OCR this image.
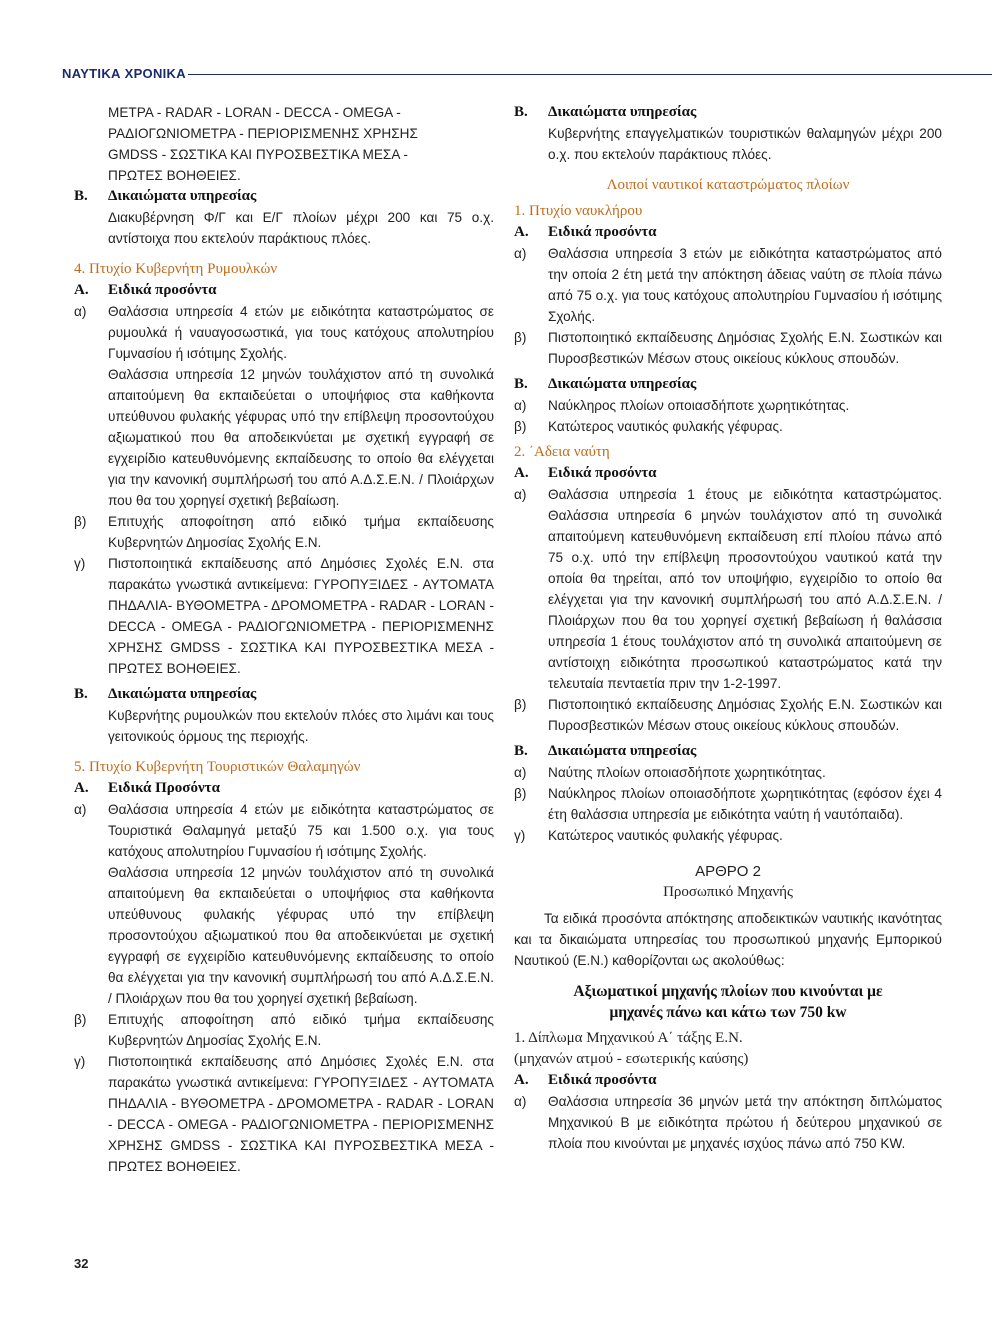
ΝΑΥΤΙΚΑ ΧΡΟΝΙΚΑ
ΜΕΤΡΑ - RADAR - LORAN - DECCA - OMEGA -
ΡΑΔΙΟΓΩΝΙΟΜΕΤΡΑ - ΠΕΡΙΟΡΙΣΜΕΝΗΣ ΧΡΗΣΗΣ
GMDSS - ΣΩΣΤΙΚΑ ΚΑΙ ΠΥΡΟΣΒΕΣΤΙΚΑ ΜΕΣΑ -
ΠΡΩΤΕΣ ΒΟΗΘΕΙΕΣ.
Β. Δικαιώματα υπηρεσίας
Διακυβέρνηση Φ/Γ και Ε/Γ πλοίων μέχρι 200 και 75 ο.χ. αντίστοιχα που εκτελούν παράκτιους πλόες.
4. Πτυχίο Κυβερνήτη Ρυμουλκών
Α. Ειδικά προσόντα
α)	Θαλάσσια υπηρεσία 4 ετών με ειδικότητα καταστρώματος σε ρυμουλκά ή ναυαγοσωστικά, για τους κατόχους απολυτηρίου Γυμνασίου ή ισότιμης Σχολής.
Θαλάσσια υπηρεσία 12 μηνών τουλάχιστον από τη συνολικά απαιτούμενη θα εκπαιδεύεται ο υποψήφιος στα καθήκοντα υπεύθυνου φυλακής γέφυρας υπό την επίβλεψη προσοντούχου αξιωματικού που θα αποδεικνύεται με σχετική εγγραφή σε εγχειρίδιο κατευθυνόμενης εκπαίδευσης το οποίο θα ελέγχεται για την κανονική συμπλήρωσή του από Α.Δ.Σ.Ε.Ν. / Πλοιάρχων που θα του χορηγεί σχετική βεβαίωση.
β)	Επιτυχής αποφοίτηση από ειδικό τμήμα εκπαίδευσης Κυβερνητών Δημοσίας Σχολής Ε.Ν.
γ)	Πιστοποιητικά εκπαίδευσης από Δημόσιες Σχολές Ε.Ν. στα παρακάτω γνωστικά αντικείμενα: ΓΥΡΟΠΥΞΙΔΕΣ - ΑΥΤΟΜΑΤΑ ΠΗΔΑΛΙΑ- ΒΥΘΟΜΕΤΡΑ - ΔΡΟΜΟΜΕΤΡΑ - RADAR - LORAN - DECCA - OMEGA - ΡΑΔΙΟΓΩΝΙΟΜΕΤΡΑ - ΠΕΡΙΟΡΙΣΜΕΝΗΣ ΧΡΗΣΗΣ GMDSS - ΣΩΣΤΙΚΑ ΚΑΙ ΠΥΡΟΣΒΕΣΤΙΚΑ ΜΕΣΑ - ΠΡΩΤΕΣ ΒΟΗΘΕΙΕΣ.
Β. Δικαιώματα υπηρεσίας
Κυβερνήτης ρυμουλκών που εκτελούν πλόες στο λιμάνι και τους γειτονικούς όρμους της περιοχής.
5. Πτυχίο Κυβερνήτη Τουριστικών Θαλαμηγών
Α. Ειδικά Προσόντα
α)	Θαλάσσια υπηρεσία 4 ετών με ειδικότητα καταστρώματος σε Τουριστικά Θαλαμηγά μεταξύ 75 και 1.500 ο.χ. για τους κατόχους απολυτηρίου Γυμνασίου ή ισότιμης Σχολής.
Θαλάσσια υπηρεσία 12 μηνών τουλάχιστον από τη συνολικά απαιτούμενη θα εκπαιδεύεται ο υποψήφιος στα καθήκοντα υπεύθυνους φυλακής γέφυρας υπό την επίβλεψη προσοντούχου αξιωματικού που θα αποδεικνύεται με σχετική εγγραφή σε εγχειρίδιο κατευθυνόμενης εκπαίδευσης το οποίο θα ελέγχεται για την κανονική συμπλήρωσή του από Α.Δ.Σ.Ε.Ν. / Πλοιάρχων που θα του χορηγεί σχετική βεβαίωση.
β)	Επιτυχής αποφοίτηση από ειδικό τμήμα εκπαίδευσης Κυβερνητών Δημοσίας Σχολής Ε.Ν.
γ)	Πιστοποιητικά εκπαίδευσης από Δημόσιες Σχολές Ε.Ν. στα παρακάτω γνωστικά αντικείμενα: ΓΥΡΟΠΥΞΙΔΕΣ - ΑΥΤΟΜΑΤΑ ΠΗΔΑΛΙΑ - ΒΥΘΟΜΕΤΡΑ - ΔΡΟΜΟΜΕΤΡΑ - RADAR - LORAN - DECCA - OMEGA - ΡΑΔΙΟΓΩΝΙΟΜΕΤΡΑ - ΠΕΡΙΟΡΙΣΜΕΝΗΣ ΧΡΗΣΗΣ GMDSS - ΣΩΣΤΙΚΑ ΚΑΙ ΠΥΡΟΣΒΕΣΤΙΚΑ ΜΕΣΑ - ΠΡΩΤΕΣ ΒΟΗΘΕΙΕΣ.
Β. Δικαιώματα υπηρεσίας
Κυβερνήτης επαγγελματικών τουριστικών θαλαμηγών μέχρι 200 ο.χ. που εκτελούν παράκτιους πλόες.
Λοιποί ναυτικοί καταστρώματος πλοίων
1. Πτυχίο ναυκλήρου
Α. Ειδικά προσόντα
α)	Θαλάσσια υπηρεσία 3 ετών με ειδικότητα καταστρώματος από την οποία 2 έτη μετά την απόκτηση άδειας ναύτη σε πλοία πάνω από 75 ο.χ. για τους κατόχους απολυτηρίου Γυμνασίου ή ισότιμης Σχολής.
β)	Πιστοποιητικό εκπαίδευσης Δημόσιας Σχολής Ε.Ν. Σωστικών και Πυροσβεστικών Μέσων στους οικείους κύκλους σπουδών.
Β. Δικαιώματα υπηρεσίας
α)	Ναύκληρος πλοίων οποιασδήποτε χωρητικότητας.
β)	Κατώτερος ναυτικός φυλακής γέφυρας.
2. ΄Αδεια ναύτη
Α. Ειδικά προσόντα
α)	Θαλάσσια υπηρεσία 1 έτους με ειδικότητα καταστρώματος. Θαλάσσια υπηρεσία 6 μηνών τουλάχιστον από τη συνολικά απαιτούμενη κατευθυνόμενη εκπαίδευση επί πλοίου πάνω από 75 ο.χ. υπό την επίβλεψη προσοντούχου ναυτικού κατά την οποία θα τηρείται, από τον υποψήφιο, εγχειρίδιο το οποίο θα ελέγχεται για την κανονική συμπλήρωσή του από Α.Δ.Σ.Ε.Ν. / Πλοιάρχων που θα του χορηγεί σχετική βεβαίωση ή θαλάσσια υπηρεσία 1 έτους τουλάχιστον από τη συνολικά απαιτούμενη σε αντίστοιχη ειδικότητα προσωπικού καταστρώματος κατά την τελευταία πενταετία πριν την 1-2-1997.
β)	Πιστοποιητικό εκπαίδευσης Δημόσιας Σχολής Ε.Ν. Σωστικών και Πυροσβεστικών Μέσων στους οικείους κύκλους σπουδών.
Β. Δικαιώματα υπηρεσίας
α)	Ναύτης πλοίων οποιασδήποτε χωρητικότητας.
β)	Ναύκληρος πλοίων οποιασδήποτε χωρητικότητας (εφόσον έχει 4 έτη θαλάσσια υπηρεσία με ειδικότητα ναύτη ή ναυτόπαιδα).
γ)	Κατώτερος ναυτικός φυλακής γέφυρας.
ΑΡΘΡΟ 2
Προσωπικό Μηχανής
Τα ειδικά προσόντα απόκτησης αποδεικτικών ναυτικής ικανότητας και τα δικαιώματα υπηρεσίας του προσωπικού μηχανής Εμπορικού Ναυτικού (Ε.Ν.) καθορίζονται ως ακολούθως:
Αξιωματικοί μηχανής πλοίων που κινούνται με
μηχανές πάνω και κάτω των 750 kw
1. Δίπλωμα Μηχανικού Α΄ τάξης Ε.Ν.
(μηχανών ατμού - εσωτερικής καύσης)
Α. Ειδικά προσόντα
α)	Θαλάσσια υπηρεσία 36 μηνών μετά την απόκτηση διπλώματος Μηχανικού Β με ειδικότητα πρώτου ή δεύτερου μηχανικού σε πλοία που κινούνται με μηχανές ισχύος πάνω από 750 KW.
32
